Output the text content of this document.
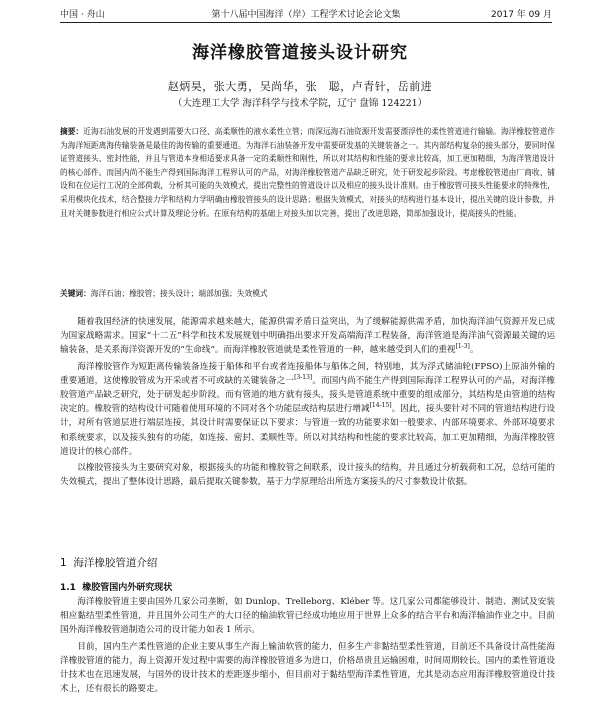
中国 · 舟山	第十八届中国海洋（岸）工程学术讨论会论文集	2017 年 09 月
海洋橡胶管道接头设计研究
赵炳昊，张大勇，吴尚华，张　聪，卢青针，岳前进
（大连理工大学 海洋科学与技术学院，辽宁 盘锦 124221）
摘要：近海石油发展的开发遇到需要大口径、高柔顺性的液水柔性立管；而深远海石油资源开发需要漂浮性的柔性管道进行输输。海洋橡胶管道作为海洋短距离海传输装备是最佳的海传输的重要通道。为海洋石油装备开发中需要研发基的关键装备之一。其内部结构复杂的接头部分，要同时保证管道接头、密封性能，并且与管道本身相适要求具备一定的柔顺性和刚性，所以对其结构和性能的要求比较高，加工更加精细，为海洋管道设计的核心部件。而国内尚不能生产得到国际海洋工程界认可的产品，对海洋橡胶管道产品缺乏研究，处于研发起步阶段。考虑橡胶管道由厂商收、铺设和在位运行工况的全部荷载，分析其可能的失效模式，提出完整性的管道设计以及相应的接头设计准则。由于橡胶管可接头性能要求的特殊性，采用模块化技术，结合整接力学和结构力学明确由橡胶管接头的设计思路；根据失效模式，对接头的结构进行基本设计，提出关键的设计参数，并且对关键参数进行相应公式计算及理论分析。在原有结构的基础上对接头加以完善，提出了改进思路，简部加强设计，提高接头的性能。
关键词：海洋石油；橡胶管；接头设计；端部加强；失效模式

随着我国经济的快速发展，能源需求越来越大，能源供需矛盾日益突出，为了缓解能源供需矛盾，加快海洋油气资源开发已成为国家战略需求。国家“十二五”科学和技术发展规划中明确指出要求开发高端海洋工程装备，海洋管道是海洋油气资源最关键的运输装备，是关系海洋资源开发的“生命线”。而海洋橡胶管道就是柔性管道的一种，越来越受到人们的重视[1-3]。

海洋橡胶管作为短距离传输装备连接于船体和平台或者连接船体与船体之间，特别地，其为浮式储油轮(FPSO)上原油外输的重要通道，这使橡胶管成为开采或者不可或缺的关键装备之一[3-13]。而国内尚不能生产得到国际海洋工程界认可的产品，对海洋橡胶管道产品缺乏研究，处于研发起步阶段。而有管道的地方就有接头，接头是管道系统中重要的组成部分，其结构是由管道的结构决定的。橡胶管的结构设计可随着使用环境的不同对各个功能层或结构层进行增减[14-15]。因此，接头要针对不同的管道结构进行设计，对所有管道层进行端层连接，其设计时需要保证以下要求：与管道一致的功能要求如一般要求、内部环境要求、外部环境要求和系统要求，以及接头独有的功能，如连接、密封、柔顺性等。所以对其结构和性能的要求比较高，加工更加精细，为海洋橡胶管道设计的核心部件。

以橡胶管接头为主要研究对象，根据接头的功能和橡胶管之间联系，设计接头的结构，并且通过分析载荷和工况，总结可能的失效模式，提出了整体设计思路，最后提取关键参数，基于力学原理给出所选方案接头的尺寸参数设计依据。

1 海洋橡胶管道介绍
1.1 橡胶管国内外研究现状

海洋橡胶管道主要由国外几家公司垄断，如 Dunlop、Trelleborg、Kléber 等。这几家公司都能够设计、制造、测试及安装相应黏结型柔性管道，并且国外公司生产的大口径的输油软管已经成功地应用于世界上众多的结合平台和海洋输油作业之中。目前国外海洋橡胶管道制造公司的设计能力如表 1 所示。

目前，国内生产柔性管道的企业主要从事生产海上输油软管的能力，但多生产非黏结型柔性管道，目前还不具备设计高性能海洋橡胶管道的能力，海上资源开发过程中需要的海洋橡胶管道多为进口，价格昂贵且运输困难，时间周期较长。国内的柔性管道设计技术也在迅速发展，与国外的设计技术的差距逐步缩小，但目前对于黏结型海洋柔性管道，尤其是动态应用海洋橡胶管道设计技术上，还有很长的路要走。
